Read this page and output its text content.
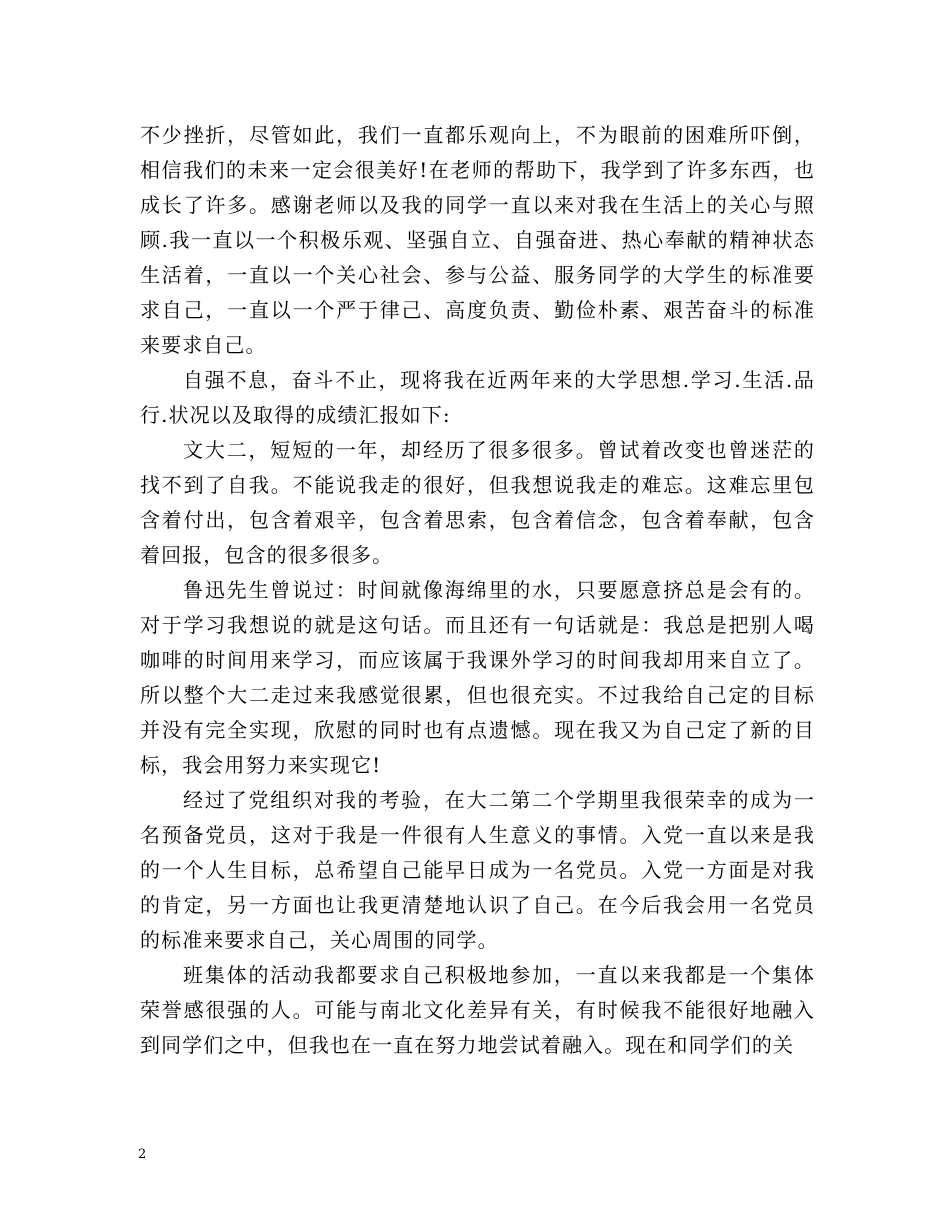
不少挫折，尽管如此，我们一直都乐观向上，不为眼前的困难所吓倒，相信我们的未来一定会很美好!在老师的帮助下，我学到了许多东西，也成长了许多。感谢老师以及我的同学一直以来对我在生活上的关心与照顾.我一直以一个积极乐观、坚强自立、自强奋进、热心奉献的精神状态生活着，一直以一个关心社会、参与公益、服务同学的大学生的标准要求自己，一直以一个严于律己、高度负责、勤俭朴素、艰苦奋斗的标准来要求自己。

自强不息，奋斗不止，现将我在近两年来的大学思想.学习.生活.品行.状况以及取得的成绩汇报如下:

文大二，短短的一年，却经历了很多很多。曾试着改变也曾迷茫的找不到了自我。不能说我走的很好，但我想说我走的难忘。这难忘里包含着付出，包含着艰辛，包含着思索，包含着信念，包含着奉献，包含着回报，包含的很多很多。

鲁迅先生曾说过：时间就像海绵里的水，只要愿意挤总是会有的。对于学习我想说的就是这句话。而且还有一句话就是：我总是把别人喝咖啡的时间用来学习，而应该属于我课外学习的时间我却用来自立了。所以整个大二走过来我感觉很累，但也很充实。不过我给自己定的目标并没有完全实现，欣慰的同时也有点遗憾。现在我又为自己定了新的目标，我会用努力来实现它!

经过了党组织对我的考验，在大二第二个学期里我很荣幸的成为一名预备党员，这对于我是一件很有人生意义的事情。入党一直以来是我的一个人生目标，总希望自己能早日成为一名党员。入党一方面是对我的肯定，另一方面也让我更清楚地认识了自己。在今后我会用一名党员的标准来要求自己，关心周围的同学。

班集体的活动我都要求自己积极地参加，一直以来我都是一个集体荣誉感很强的人。可能与南北文化差异有关，有时候我不能很好地融入到同学们之中，但我也在一直在努力地尝试着融入。现在和同学们的关

2
